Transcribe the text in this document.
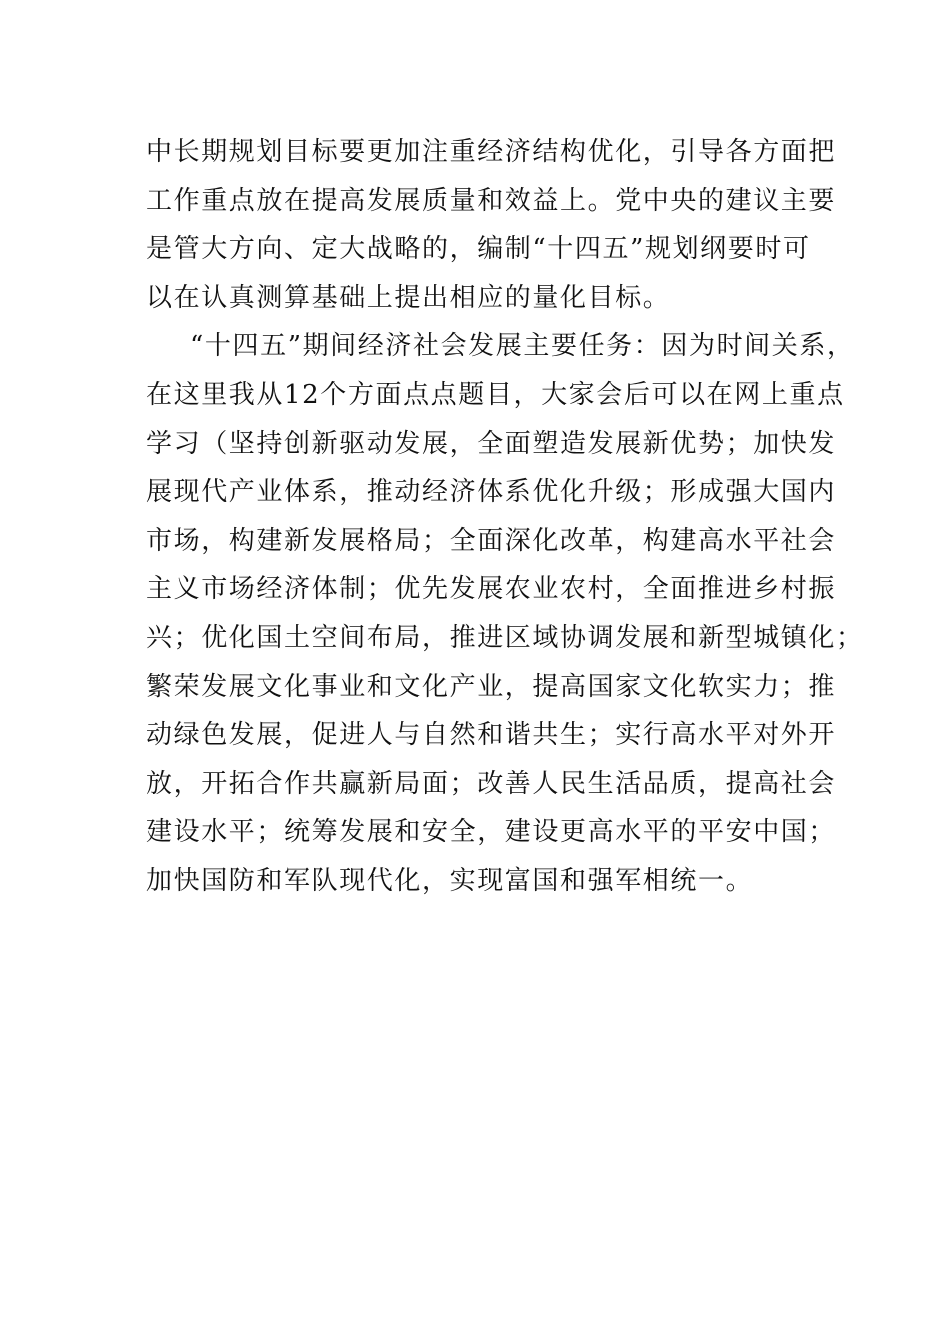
中长期规划目标要更加注重经济结构优化，引导各方面把
工作重点放在提高发展质量和效益上。党中央的建议主要
是管大方向、定大战略的，编制“十四五”规划纲要时可
以在认真测算基础上提出相应的量化目标。
“十四五”期间经济社会发展主要任务：因为时间关系，
在这里我从12个方面点点题目，大家会后可以在网上重点
学习（坚持创新驱动发展，全面塑造发展新优势；加快发
展现代产业体系，推动经济体系优化升级；形成强大国内
市场，构建新发展格局；全面深化改革，构建高水平社会
主义市场经济体制；优先发展农业农村，全面推进乡村振
兴；优化国土空间布局，推进区域协调发展和新型城镇化；
繁荣发展文化事业和文化产业，提高国家文化软实力；推
动绿色发展，促进人与自然和谐共生；实行高水平对外开
放，开拓合作共赢新局面；改善人民生活品质，提高社会
建设水平；统筹发展和安全，建设更高水平的平安中国；
加快国防和军队现代化，实现富国和强军相统一。
